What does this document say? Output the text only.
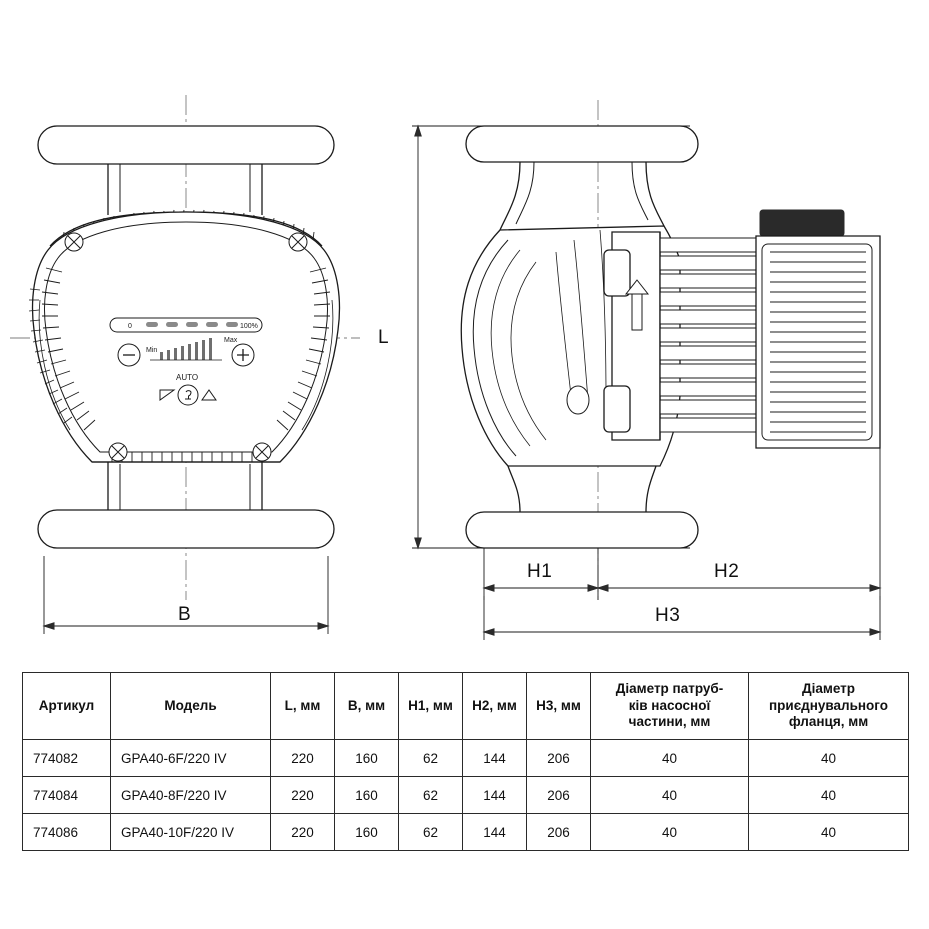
0	100%
Min
Max
AUTO
B
L
H1	H2
H3
Артикул	Модель	L, мм	B, мм	H1, мм	H2, мм	H3, мм	Діаметр патруб-
ків насосної
частини, мм	Діаметр
приєднувального
фланця, мм
774082	GPA40-6F/220 IV	220	160	62	144	206	40	40
774084	GPA40-8F/220 IV	220	160	62	144	206	40	40
774086	GPA40-10F/220 IV	220	160	62	144	206	40	40
